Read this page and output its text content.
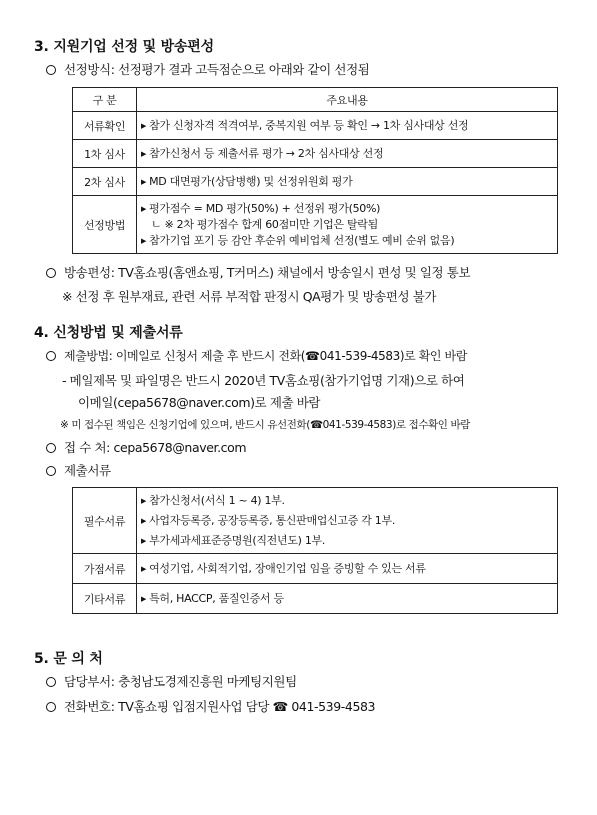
3. 지원기업 선정 및 방송편성
선정방식: 선정평가 결과 고득점순으로 아래와 같이 선정됨
구 분	주요내용
서류확인	▶ 참가 신청자격 적격여부, 중복지원 여부 등 확인 → 1차 심사대상 선정

1차 심사	▶ 참가신청서 등 제출서류 평가 → 2차 심사대상 선정

2차 심사	▶ MD 대면평가(상담병행) 및 선정위원회 평가

선정방법	▶ 평가점수 = MD 평가(50%) + 선정위 평가(50%)
ㄴ ※ 2차 평가점수 합계 60점미만 기업은 탈락됨
▶ 참가기업 포기 등 감안 후순위 예비업체 선정(별도 예비 순위 없음)
방송편성: TV홈쇼핑(홈앤쇼핑, T커머스) 채널에서 방송일시 편성 및 일정 통보
※ 선정 후 원부재료, 관련 서류 부적합 판정시 QA평가 및 방송편성 불가
4. 신청방법 및 제출서류
제출방법: 이메일로 신청서 제출 후 반드시 전화(☎041-539-4583)로 확인 바람
- 메일제목 및 파일명은 반드시 2020년 TV홈쇼핑(참가기업명 기재)으로 하여
이메일(cepa5678@naver.com)로 제출 바람
※ 미 접수된 책임은 신청기업에 있으며, 반드시 유선전화(☎041-539-4583)로 접수확인 바람
접 수 처: cepa5678@naver.com
제출서류
필수서류	▶ 참가신청서(서식 1 ~ 4) 1부.
▶ 사업자등록증, 공장등록증, 통신판매업신고증 각 1부.
▶ 부가세과세표준증명원(직전년도) 1부.

가점서류	▶ 여성기업, 사회적기업, 장애인기업 임을 증빙할 수 있는 서류

기타서류	▶ 특허, HACCP, 품질인증서 등
5. 문 의 처
담당부서: 충청남도경제진흥원 마케팅지원팀
전화번호: TV홈쇼핑 입점지원사업 담당 ☎ 041-539-4583
